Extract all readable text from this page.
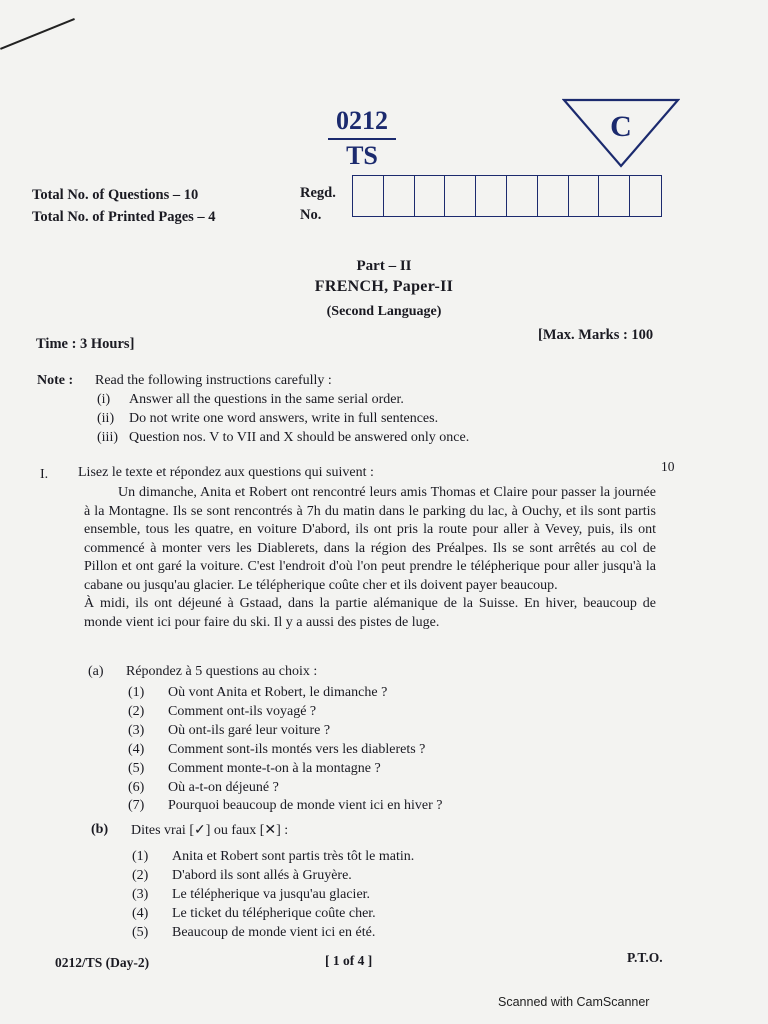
0212
TS
C
Total No. of Questions – 10
Total No. of Printed Pages – 4
Regd.
No.
Part – II
FRENCH, Paper-II
(Second Language)
Time : 3 Hours]
[Max. Marks : 100
Note : Read the following instructions carefully :
(i) Answer all the questions in the same serial order.
(ii) Do not write one word answers, write in full sentences.
(iii) Question nos. V to VII and X should be answered only once.
I. Lisez le texte et répondez aux questions qui suivent :	10

Un dimanche, Anita et Robert ont rencontré leurs amis Thomas et Claire pour passer la journée à la Montagne. Ils se sont rencontrés à 7h du matin dans le parking du lac, à Ouchy, et ils sont partis ensemble, tous les quatre, en voiture D'abord, ils ont pris la route pour aller à Vevey, puis, ils ont commencé à monter vers les Diablerets, dans la région des Préalpes. Ils se sont arrêtés au col de Pillon et ont garé la voiture. C'est l'endroit d'où l'on peut prendre le télépherique pour aller jusqu'à la cabane ou jusqu'au glacier. Le télépherique coûte cher et ils doivent payer beaucoup.

À midi, ils ont déjeuné à Gstaad, dans la partie alémanique de la Suisse. En hiver, beaucoup de monde vient ici pour faire du ski. Il y a aussi des pistes de luge.

(a) Répondez à 5 questions au choix :
(1) Où vont Anita et Robert, le dimanche ?
(2) Comment ont-ils voyagé ?
(3) Où ont-ils garé leur voiture ?
(4) Comment sont-ils montés vers les diablerets ?
(5) Comment monte-t-on à la montagne ?
(6) Où a-t-on déjeuné ?
(7) Pourquoi beaucoup de monde vient ici en hiver ?
(b) Dites vrai [✓] ou faux [✕] :
(1) Anita et Robert sont partis très tôt le matin.
(2) D'abord ils sont allés à Gruyère.
(3) Le télépherique va jusqu'au glacier.
(4) Le ticket du télépherique coûte cher.
(5) Beaucoup de monde vient ici en été.
0212/TS (Day-2)	[ 1 of 4 ]	P.T.O.
Scanned with CamScanner
